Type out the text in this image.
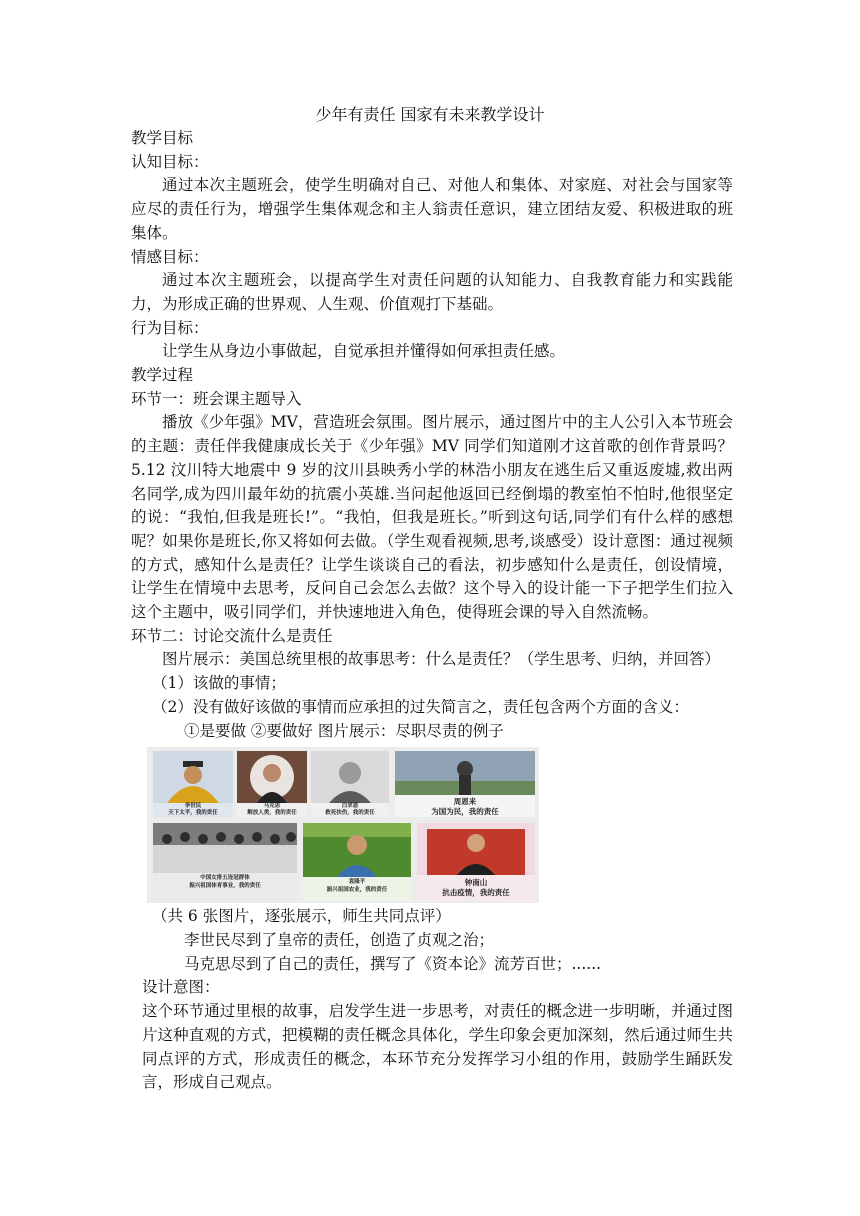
少年有责任 国家有未来教学设计

教学目标

认知目标：

通过本次主题班会，使学生明确对自己、对他人和集体、对家庭、对社会与国家等应尽的责任行为，增强学生集体观念和主人翁责任意识，建立团结友爱、积极进取的班集体。

情感目标：

通过本次主题班会，以提高学生对责任问题的认知能力、自我教育能力和实践能力，为形成正确的世界观、人生观、价值观打下基础。

行为目标：

让学生从身边小事做起，自觉承担并懂得如何承担责任感。

教学过程

环节一：班会课主题导入

播放《少年强》MV，营造班会氛围。图片展示，通过图片中的主人公引入本节班会的主题：责任伴我健康成长关于《少年强》MV 同学们知道刚才这首歌的创作背景吗？5.12 汶川特大地震中 9 岁的汶川县映秀小学的林浩小朋友在逃生后又重返废墟,救出两名同学,成为四川最年幼的抗震小英雄.当问起他返回已经倒塌的教室怕不怕时,他很坚定的说：“我怕,但我是班长!”。“我怕，但我是班长。”听到这句话,同学们有什么样的感想呢？如果你是班长,你又将如何去做。（学生观看视频,思考,谈感受）设计意图：通过视频的方式，感知什么是责任？让学生谈谈自己的看法，初步感知什么是责任，创设情境，让学生在情境中去思考，反问自己会怎么去做？这个导入的设计能一下子把学生们拉入这个主题中，吸引同学们，并快速地进入角色，使得班会课的导入自然流畅。

环节二：讨论交流什么是责任

图片展示：美国总统里根的故事思考：什么是责任？（学生思考、归纳，并回答）

（1）该做的事情；

（2）没有做好该做的事情而应承担的过失简言之，责任包含两个方面的含义：

①是要做 ②要做好 图片展示：尽职尽责的例子

李世民
天下太平，我的责任
马克思
解放人类，我的责任
白求恩
救死扶伤，我的责任
周恩来
为国为民，我的责任
中国女排五连冠群体
振兴祖国体育事业，我的责任
袁隆平
振兴祖国农业，我的责任
钟南山
抗击疫情，我的责任

（共 6 张图片，逐张展示，师生共同点评）

李世民尽到了皇帝的责任，创造了贞观之治；

马克思尽到了自己的责任，撰写了《资本论》流芳百世；......

设计意图：

这个环节通过里根的故事，启发学生进一步思考，对责任的概念进一步明晰，并通过图片这种直观的方式，把模糊的责任概念具体化，学生印象会更加深刻，然后通过师生共同点评的方式，形成责任的概念，本环节充分发挥学习小组的作用，鼓励学生踊跃发言，形成自己观点。
